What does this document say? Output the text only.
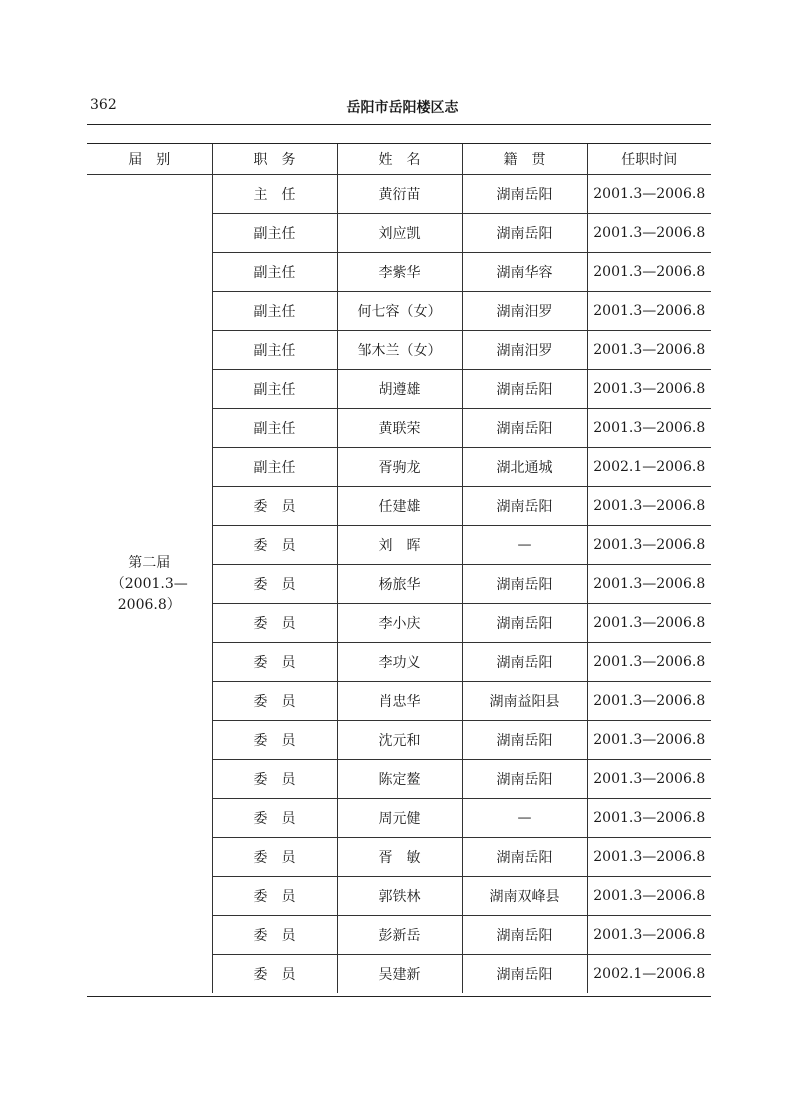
362	岳阳市岳阳楼区志
届　别	职　务	姓　名	籍　贯	任职时间

第二届
（2001.3—
2006.8）	主　任	黄衍苗	湖南岳阳	2001.3—2006.8
	副主任	刘应凯	湖南岳阳	2001.3—2006.8
	副主任	李紫华	湖南华容	2001.3—2006.8
	副主任	何七容（女）	湖南汨罗	2001.3—2006.8
	副主任	邹木兰（女）	湖南汨罗	2001.3—2006.8
	副主任	胡遵雄	湖南岳阳	2001.3—2006.8
	副主任	黄联荣	湖南岳阳	2001.3—2006.8
	副主任	胥驹龙	湖北通城	2002.1—2006.8
	委　员	任建雄	湖南岳阳	2001.3—2006.8
	委　员	刘　晖	—	2001.3—2006.8
	委　员	杨旅华	湖南岳阳	2001.3—2006.8
	委　员	李小庆	湖南岳阳	2001.3—2006.8
	委　员	李功义	湖南岳阳	2001.3—2006.8
	委　员	肖忠华	湖南益阳县	2001.3—2006.8
	委　员	沈元和	湖南岳阳	2001.3—2006.8
	委　员	陈定鳌	湖南岳阳	2001.3—2006.8
	委　员	周元健	—	2001.3—2006.8
	委　员	胥　敏	湖南岳阳	2001.3—2006.8
	委　员	郭铁林	湖南双峰县	2001.3—2006.8
	委　员	彭新岳	湖南岳阳	2001.3—2006.8
	委　员	吴建新	湖南岳阳	2002.1—2006.8
